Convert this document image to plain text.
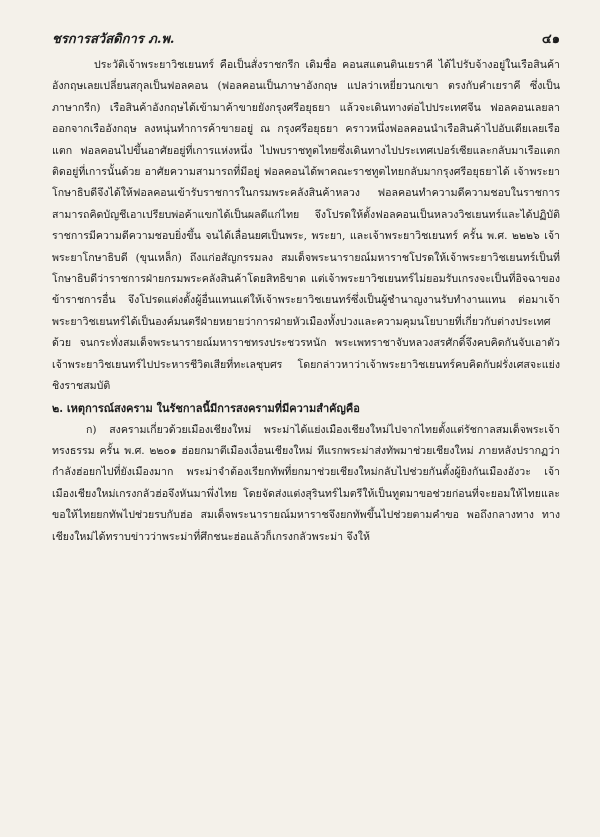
ชรการสวัสดิการ ภ.พ.	๔๑

ประวัติเจ้าพระยาวิชเยนทร์ คือเป็นสั่งราชกรีก เดิมชื่อ คอนสแตนตินเยราคี ได้ไปรับจ้างอยู่ในเรือสินค้าอังกฤษเลยเปลี่ยนสกุลเป็นฟอลคอน (ฟอลคอนเป็นภาษาอังกฤษ แปลว่าเหยี่ยวนกเขา ตรงกับคำเยราคี ซึ่งเป็นภาษากรีก) เรือสินค้าอังกฤษได้เข้ามาค้าขายยังกรุงศรีอยุธยา แล้วจะเดินทางต่อไปประเทศจีน ฟอลคอนเลยลาออกจากเรืออังกฤษ ลงหนุ่นทำการค้าขายอยู่ ณ กรุงศรีอยุธยา คราวหนึ่งฟอลคอนนำเรือสินค้าไปอับเดียเลยเรือแตก ฟอลคอนไปขึ้นอาศัยอยู่ที่เการแห่งหนึ่ง ไปพบราชทูตไทยซึ่งเดินทางไปประเทศเปอร์เซียและกลับมาเรือแตกติดอยู่ที่เการนั้นด้วย อาศัยความสามารถที่มีอยู่ ฟอลคอนได้พาคณะราชทูตไทยกลับมากรุงศรีอยุธยาได้ เจ้าพระยาโกษาธิบดีจึงได้ให้ฟอลคอนเข้ารับราชการในกรมพระคลังสินค้าหลวง ฟอลคอนทำความดีความชอบในราชการสามารถคิดบัญชีเอาเปรียบพ่อค้าแขกได้เป็นผลดีแก่ไทย จึงโปรดให้ตั้งฟอลคอนเป็นหลวงวิชเยนทร์และได้ปฏิบัติราชการมีความดีความชอบยิ่งขึ้น จนได้เลื่อนยศเป็นพระ, พระยา, และเจ้าพระยาวิชเยนทร์ ครั้น พ.ศ. ๒๒๒๖ เจ้าพระยาโกษาธิบดี (ขุนเหล็ก) ถึงแก่อสัญกรรมลง สมเด็จพระนารายณ์มหาราชโปรดให้เจ้าพระยาวิชเยนทร์เป็นที่โกษาธิบดีว่าราชการฝ่ายกรมพระคลังสินค้าโดยสิทธิขาด แต่เจ้าพระยาวิชเยนทร์ไม่ยอมรับเกรงจะเป็นที่อิจฉาของข้าราชการอื่น จึงโปรดแต่งตั้งผู้อื่นแทนแต่ให้เจ้าพระยาวิชเยนทร์ซึ่งเป็นผู้ชำนาญงานรับทำงานแทน ต่อมาเจ้าพระยาวิชเยนทร์ได้เป็นองค์มนตรีฝ่ายหยายว่าการฝ่ายหัวเมืองทั้งปวงและความคุมนโยบายที่เกี่ยวกับต่างประเทศด้วย จนกระทั่งสมเด็จพระนารายณ์มหาราชทรงประชวรหนัก พระเพทราชาจับหลวงสรศักดิ์จึงคบคิดกันจับเอาตัวเจ้าพระยาวิชเยนทร์ไปประหารชีวิตเสียที่ทะเลชุบศร โดยกล่าวหาว่าเจ้าพระยาวิชเยนทร์คบคิดกับฝรั่งเศสจะแย่งชิงราชสมบัติ

๒. เหตุการณ์สงคราม ในรัชกาลนี้มีการสงครามที่มีความสำคัญคือ

ก) สงครามเกี่ยวด้วยเมืองเชียงใหม่ พระม่าได้แย่งเมืองเชียงใหม่ไปจากไทยตั้งแต่รัชกาลสมเด็จพระเจ้าทรงธรรม ครั้น พ.ศ. ๒๒๐๑ ฮ่อยกมาตีเมืองเงื่อนเชียงใหม่ ทีแรกพระม่าส่งทัพมาช่วยเชียงใหม่ ภายหลังปรากฏว่ากำลังฮ่อยกไปที่ยังเมืองมาก พระม่าจำต้องเรียกทัพที่ยกมาช่วยเชียงใหม่กลับไปช่วยกันตั้งผู้ยิงกันเมืองอังวะ เจ้าเมืองเชียงใหม่เกรงกลัวฮ่อจึงหันมาพึ่งไทย โดยจัดส่งแต่งสุรินทร์ไมตรีให้เป็นทูตมาขอช่วยก่อนที่จะยอมให้ไทยและขอให้ไทยยกทัพไปช่วยรบกับฮ่อ สมเด็จพระนารายณ์มหาราชจึงยกทัพขึ้นไปช่วยตามคำขอ พอถึงกลางทาง ทางเชียงใหม่ได้ทราบข่าวว่าพระม่าที่ศึกชนะฮ่อแล้วก็เกรงกลัวพระม่า จึงให้
